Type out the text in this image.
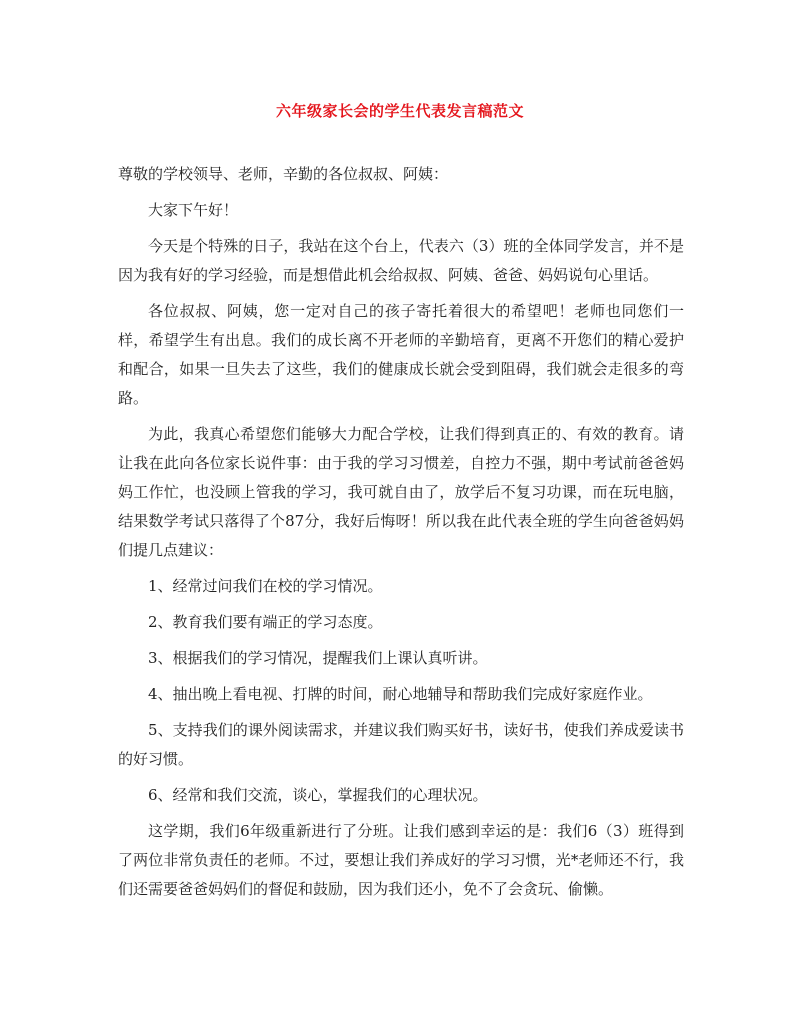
六年级家长会的学生代表发言稿范文

尊敬的学校领导、老师，辛勤的各位叔叔、阿姨：

大家下午好！

今天是个特殊的日子，我站在这个台上，代表六（3）班的全体同学发言，并不是因为我有好的学习经验，而是想借此机会给叔叔、阿姨、爸爸、妈妈说句心里话。

各位叔叔、阿姨，您一定对自己的孩子寄托着很大的希望吧！老师也同您们一样，希望学生有出息。我们的成长离不开老师的辛勤培育，更离不开您们的精心爱护和配合，如果一旦失去了这些，我们的健康成长就会受到阻碍，我们就会走很多的弯路。

为此，我真心希望您们能够大力配合学校，让我们得到真正的、有效的教育。请让我在此向各位家长说件事：由于我的学习习惯差，自控力不强，期中考试前爸爸妈妈工作忙，也没顾上管我的学习，我可就自由了，放学后不复习功课，而在玩电脑，结果数学考试只落得了个87分，我好后悔呀！所以我在此代表全班的学生向爸爸妈妈们提几点建议：

1、经常过问我们在校的学习情况。

2、教育我们要有端正的学习态度。

3、根据我们的学习情况，提醒我们上课认真听讲。

4、抽出晚上看电视、打牌的时间，耐心地辅导和帮助我们完成好家庭作业。

5、支持我们的课外阅读需求，并建议我们购买好书，读好书，使我们养成爱读书的好习惯。

6、经常和我们交流，谈心，掌握我们的心理状况。

这学期，我们6年级重新进行了分班。让我们感到幸运的是：我们6（3）班得到了两位非常负责任的老师。不过，要想让我们养成好的学习习惯，光*老师还不行，我们还需要爸爸妈妈们的督促和鼓励，因为我们还小，免不了会贪玩、偷懒。
